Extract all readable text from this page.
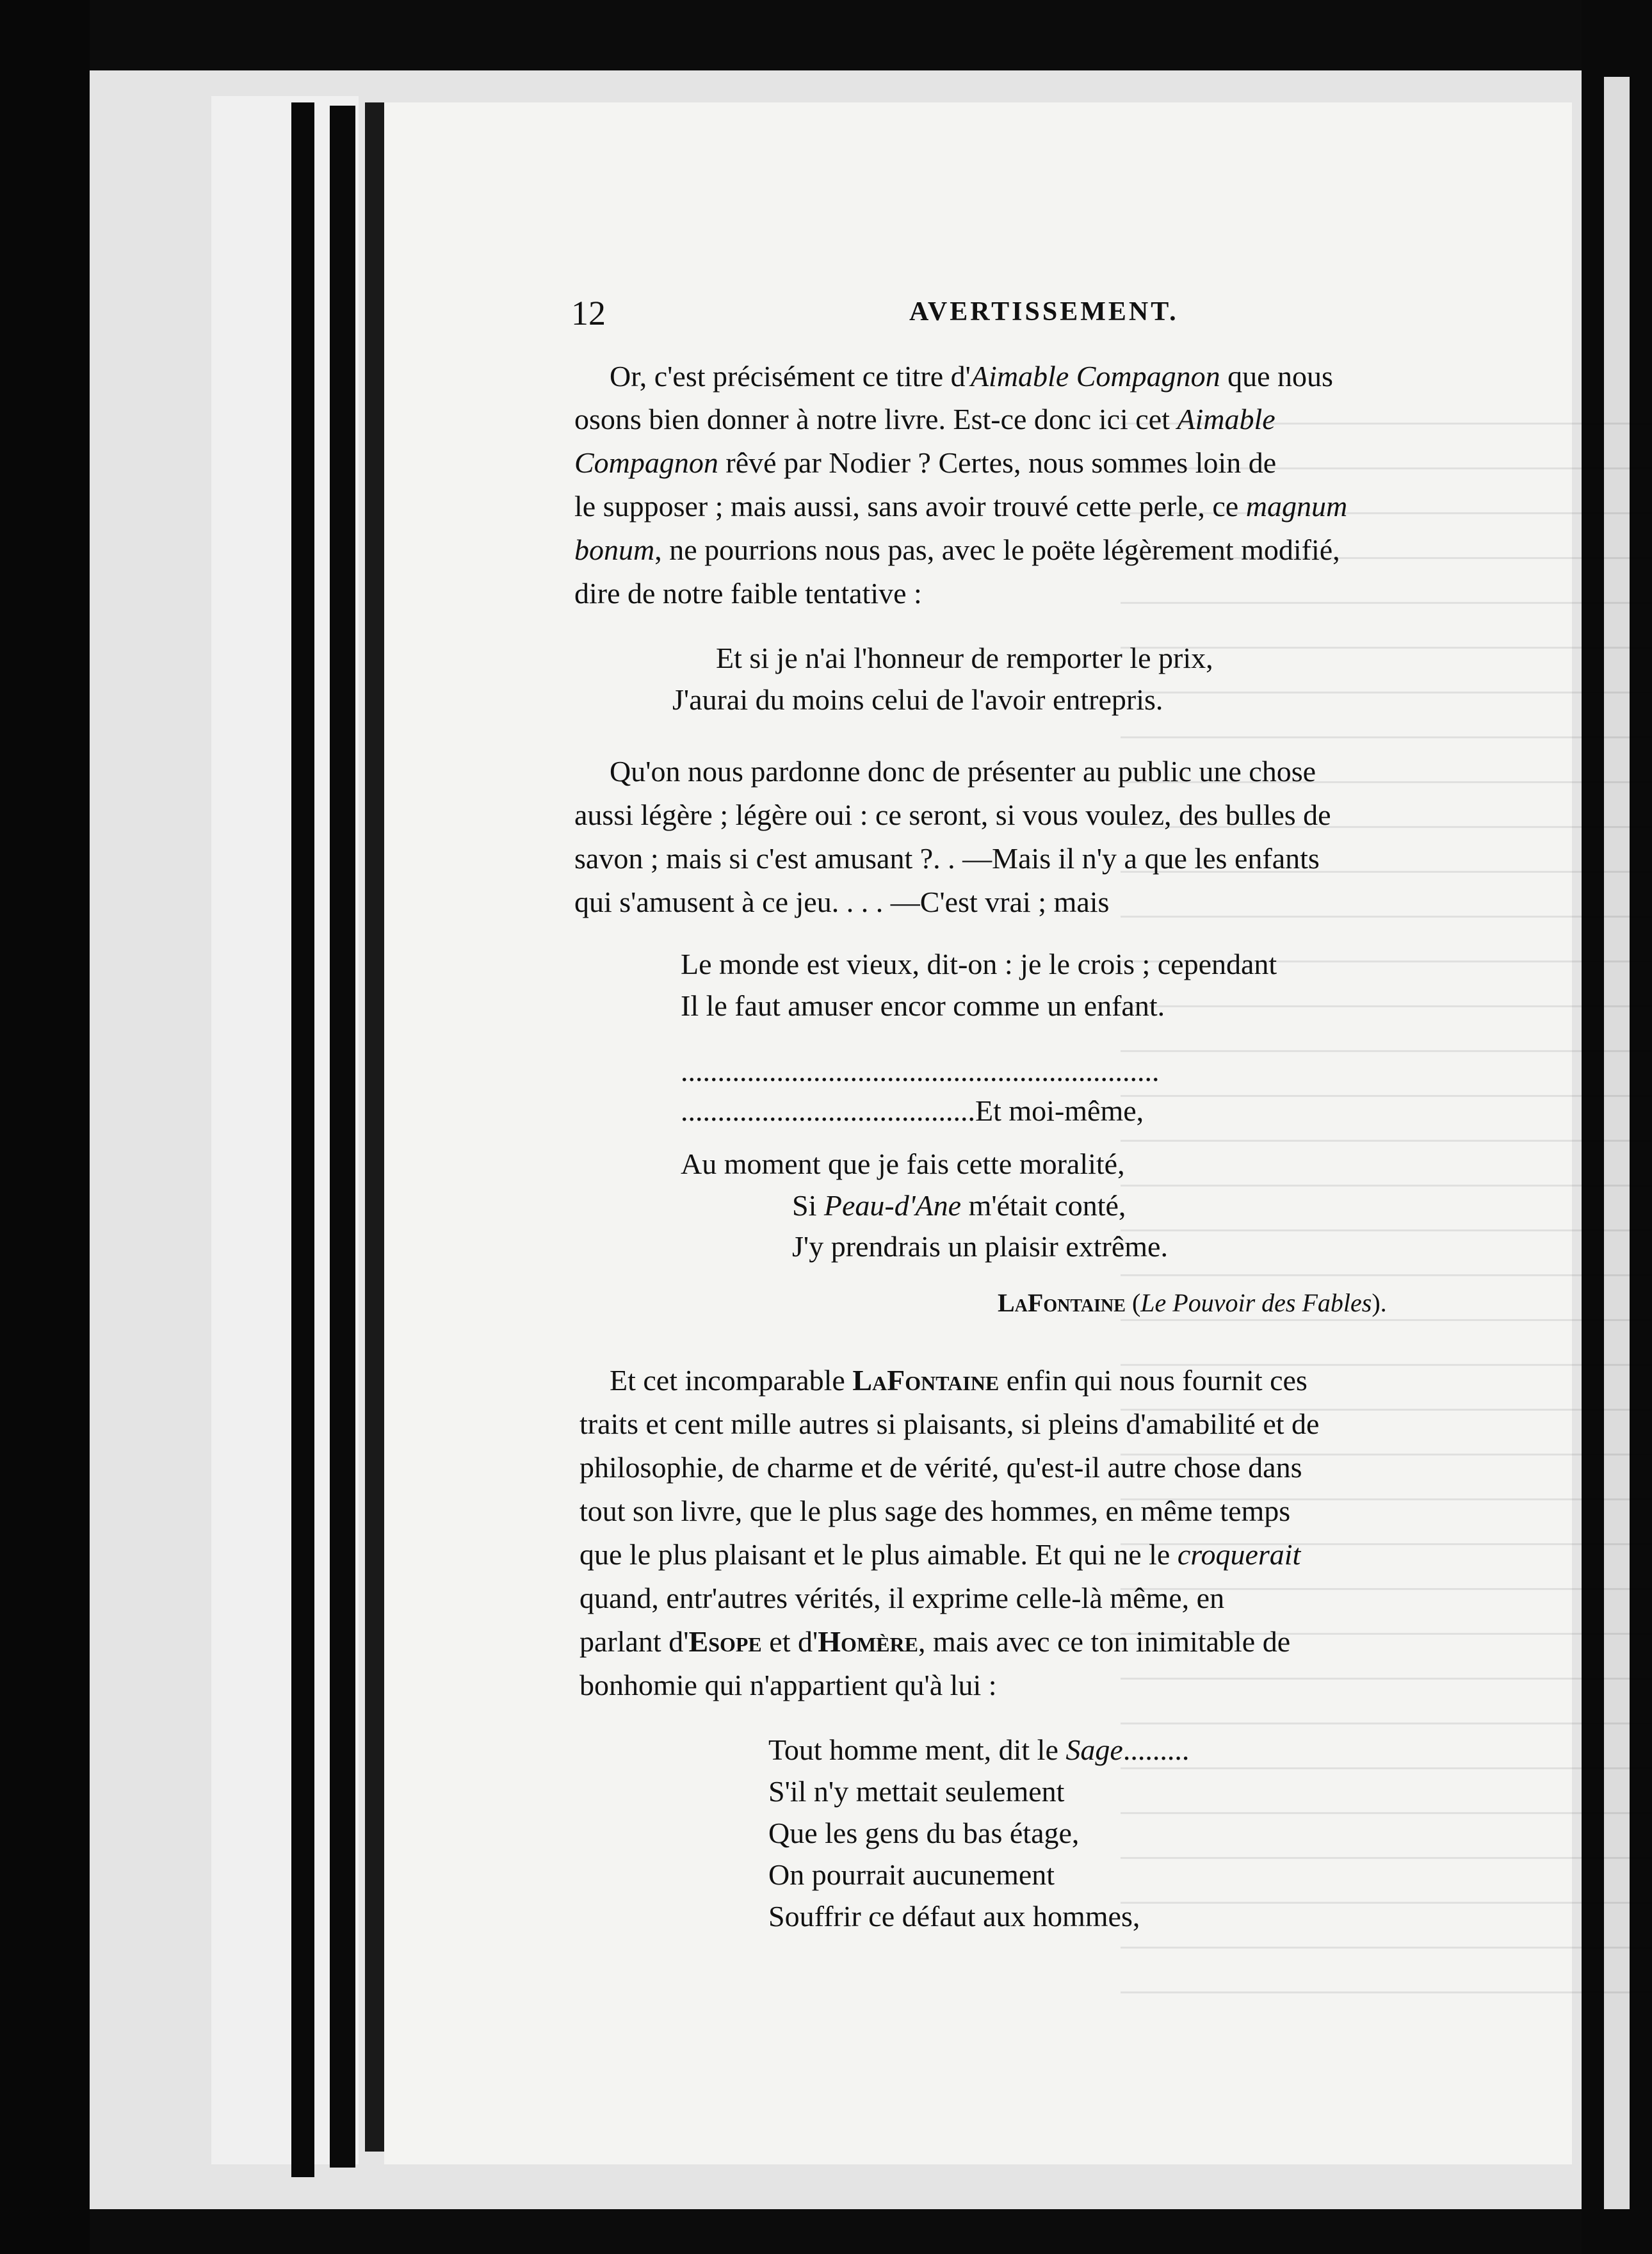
12	AVERTISSEMENT.
Or, c'est précisément ce titre d'Aimable Compagnon que nous
osons bien donner à notre livre. Est-ce donc ici cet Aimable
Compagnon rêvé par Nodier ? Certes, nous sommes loin de
le supposer ; mais aussi, sans avoir trouvé cette perle, ce magnum
bonum, ne pourrions nous pas, avec le poëte légèrement modifié,
dire de notre faible tentative :
Et si je n'ai l'honneur de remporter le prix,
J'aurai du moins celui de l'avoir entrepris.
Qu'on nous pardonne donc de présenter au public une chose
aussi légère ; légère oui : ce seront, si vous voulez, des bulles de
savon ; mais si c'est amusant ?. . —Mais il n'y a que les enfants
qui s'amusent à ce jeu. . . . —C'est vrai ; mais
Le monde est vieux, dit-on : je le crois ; cependant
Il le faut amuser encor comme un enfant.
.................................................................
........................................Et moi-même,
Au moment que je fais cette moralité,
Si Peau-d'Ane m'était conté,
J'y prendrais un plaisir extrême.
LaFontaine (Le Pouvoir des Fables).
Et cet incomparable LaFontaine enfin qui nous fournit ces
traits et cent mille autres si plaisants, si pleins d'amabilité et de
philosophie, de charme et de vérité, qu'est-il autre chose dans
tout son livre, que le plus sage des hommes, en même temps
que le plus plaisant et le plus aimable. Et qui ne le croquerait
quand, entr'autres vérités, il exprime celle-là même, en
parlant d'Esope et d'Homère, mais avec ce ton inimitable de
bonhomie qui n'appartient qu'à lui :
Tout homme ment, dit le Sage.........
S'il n'y mettait seulement
Que les gens du bas étage,
On pourrait aucunement
Souffrir ce défaut aux hommes,
